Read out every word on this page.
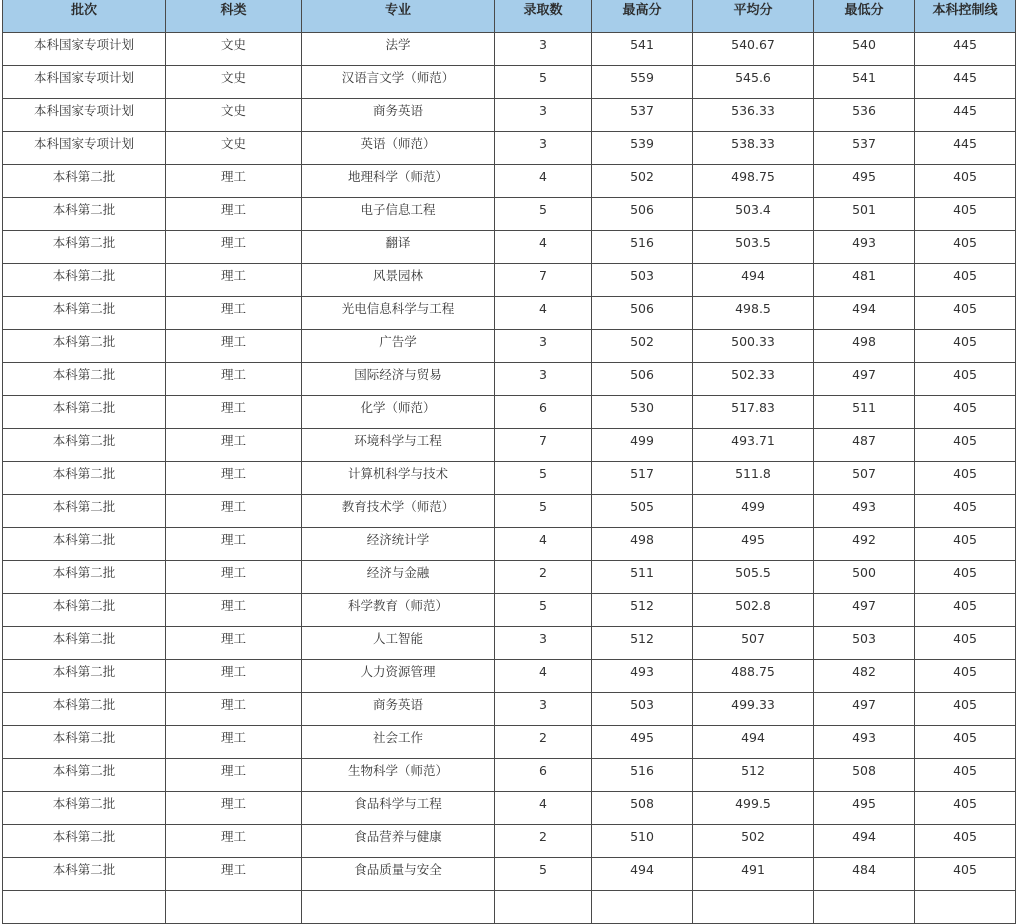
批次	科类	专业	录取数	最高分	平均分	最低分	本科控制线
本科国家专项计划	文史	法学	3	541	540.67	540	445
本科国家专项计划	文史	汉语言文学（师范）	5	559	545.6	541	445
本科国家专项计划	文史	商务英语	3	537	536.33	536	445
本科国家专项计划	文史	英语（师范）	3	539	538.33	537	445
本科第二批	理工	地理科学（师范）	4	502	498.75	495	405
本科第二批	理工	电子信息工程	5	506	503.4	501	405
本科第二批	理工	翻译	4	516	503.5	493	405
本科第二批	理工	风景园林	7	503	494	481	405
本科第二批	理工	光电信息科学与工程	4	506	498.5	494	405
本科第二批	理工	广告学	3	502	500.33	498	405
本科第二批	理工	国际经济与贸易	3	506	502.33	497	405
本科第二批	理工	化学（师范）	6	530	517.83	511	405
本科第二批	理工	环境科学与工程	7	499	493.71	487	405
本科第二批	理工	计算机科学与技术	5	517	511.8	507	405
本科第二批	理工	教育技术学（师范）	5	505	499	493	405
本科第二批	理工	经济统计学	4	498	495	492	405
本科第二批	理工	经济与金融	2	511	505.5	500	405
本科第二批	理工	科学教育（师范）	5	512	502.8	497	405
本科第二批	理工	人工智能	3	512	507	503	405
本科第二批	理工	人力资源管理	4	493	488.75	482	405
本科第二批	理工	商务英语	3	503	499.33	497	405
本科第二批	理工	社会工作	2	495	494	493	405
本科第二批	理工	生物科学（师范）	6	516	512	508	405
本科第二批	理工	食品科学与工程	4	508	499.5	495	405
本科第二批	理工	食品营养与健康	2	510	502	494	405
本科第二批	理工	食品质量与安全	5	494	491	484	405
